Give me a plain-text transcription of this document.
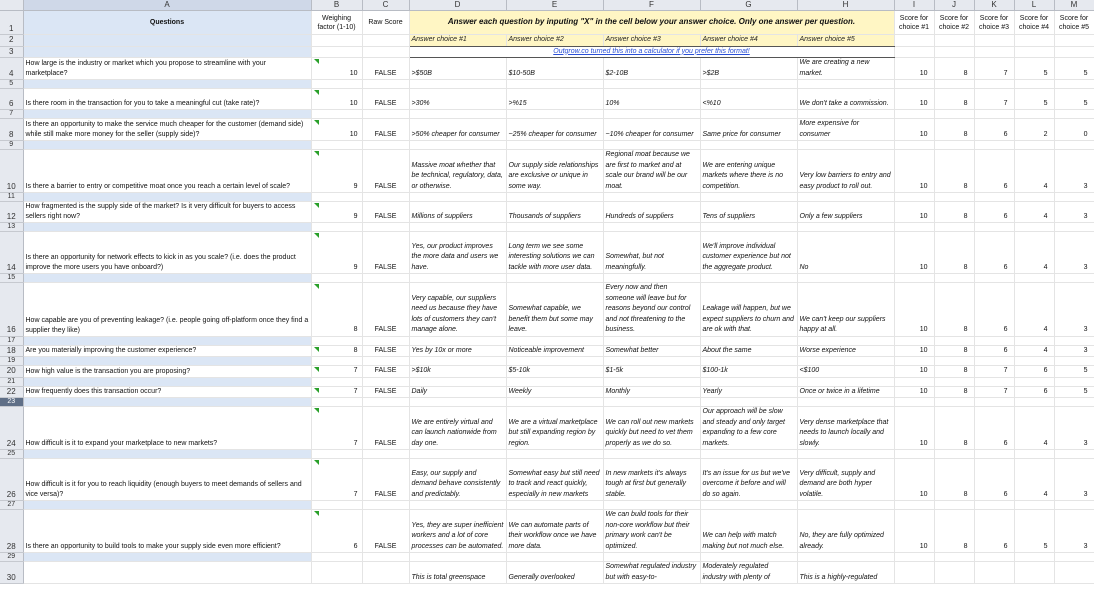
	A	B	C	D	E	F	G	H	I	J	K	L	M
1	Questions	Weighing factor (1-10)	Raw Score	Answer each question by inputing "X" in the cell below your answer choice. Only one answer per question.					Score for choice #1	Score for choice #2	Score for choice #3	Score for choice #4	Score for choice #5
2				Answer choice #1	Answer choice #2	Answer choice #3	Answer choice #4	Answer choice #5					
3				Outgrow.co turned this into a calculator if you prefer this format!									
4	How large is the industry or market which you propose to streamline with your marketplace?	10	FALSE	>$50B	$10-50B	$2-10B	>$2B	We are creating a new market.	10	8	7	5	5
5													
6	Is there room in the transaction for you to take a meaningful cut (take rate)?	10	FALSE	>30%	>%15	10%	<%10	We don't take a commission.	10	8	7	5	5
7													
8	Is there an opportunity to make the service much cheaper for the customer (demand side) while still make more money for the seller (supply side)?	10	FALSE	>50% cheaper for consumer	~25% cheaper for consumer	~10% cheaper for consumer	Same price for consumer	More expensive for consumer	10	8	6	2	0
9													
10	Is there a barrier to entry or competitive moat once you reach a certain level of scale?	9	FALSE	Massive moat whether that be technical, regulatory, data, or otherwise.	Our supply side relationships are exclusive or unique in some way.	Regional moat because we are first to market and at scale our brand will be our moat.	We are entering unique markets where there is no competition.	Very low barriers to entry and easy product to roll out.	10	8	6	4	3
11													
12	How fragmented is the supply side of the market? Is it very difficult for buyers to access sellers right now?	9	FALSE	Millions of suppliers	Thousands of suppliers	Hundreds of suppliers	Tens of suppliers	Only a few suppliers	10	8	6	4	3
13													
14	Is there an opportunity for network effects to kick in as you scale? (i.e. does the product improve the more users you have onboard?)	9	FALSE	Yes, our product improves the more data and users we have.	Long term we see some interesting solutions we can tackle with more user data.	Somewhat, but not meaningfully.	We'll improve individual customer experience but not the aggregate product.	No	10	8	6	4	3
15													
16	How capable are you of preventing leakage? (i.e. people going off-platform once they find a supplier they like)	8	FALSE	Very capable, our suppliers need us because they have lots of customers they can't manage alone.	Somewhat capable, we benefit them but some may leave.	Every now and then someone will leave but for reasons beyond our control and not threatening to the business.	Leakage will happen, but we expect suppliers to churn and are ok with that.	We can't keep our suppliers happy at all.	10	8	6	4	3
17													
18	Are you materially improving the customer experience?	8	FALSE	Yes by 10x or more	Noticeable improvement	Somewhat better	About the same	Worse experience	10	8	6	4	3
19													
20	How high value is the transaction you are proposing?	7	FALSE	>$10k	$5-10k	$1-5k	$100-1k	<$100	10	8	7	6	5
21													
22	How frequently does this transaction occur?	7	FALSE	Daily	Weekly	Monthly	Yearly	Once or twice in a lifetime	10	8	7	6	5
23													
24	How difficult is it to expand your marketplace to new markets?	7	FALSE	We are entirely virtual and can launch nationwide from day one.	We are a virtual marketplace but still expanding region by region.	We can roll out new markets quickly but need to vet them properly as we do so.	Our approach will be slow and steady and only target expanding to a few core markets.	Very dense marketplace that needs to launch locally and slowly.	10	8	6	4	3
25													
26	How difficult is it for you to reach liquidity (enough buyers to meet demands of sellers and vice versa)?	7	FALSE	Easy, our supply and demand behave consistently and predictably.	Somewhat easy but still need to track and react quickly, especially in new markets	In new markets it's always tough at first but generally stable.	It's an issue for us but we've overcome it before and will do so again.	Very difficult, supply and demand are both hyper volatile.	10	8	6	4	3
27													
28	Is there an opportunity to build tools to make your supply side even more efficient?	6	FALSE	Yes, they are super inefficient workers and a lot of core processes can be automated.	We can automate parts of their workflow once we have more data.	We can build tools for their non-core workflow but their primary work can't be optimized.	We can help with match making but not much else.	No, they are fully optimized already.	10	8	6	5	3
29													
30				This is total greenspace	Generally overlooked	Somewhat regulated industry but with easy-to-	Moderately regulated industry with plenty of	This is a highly-regulated					
